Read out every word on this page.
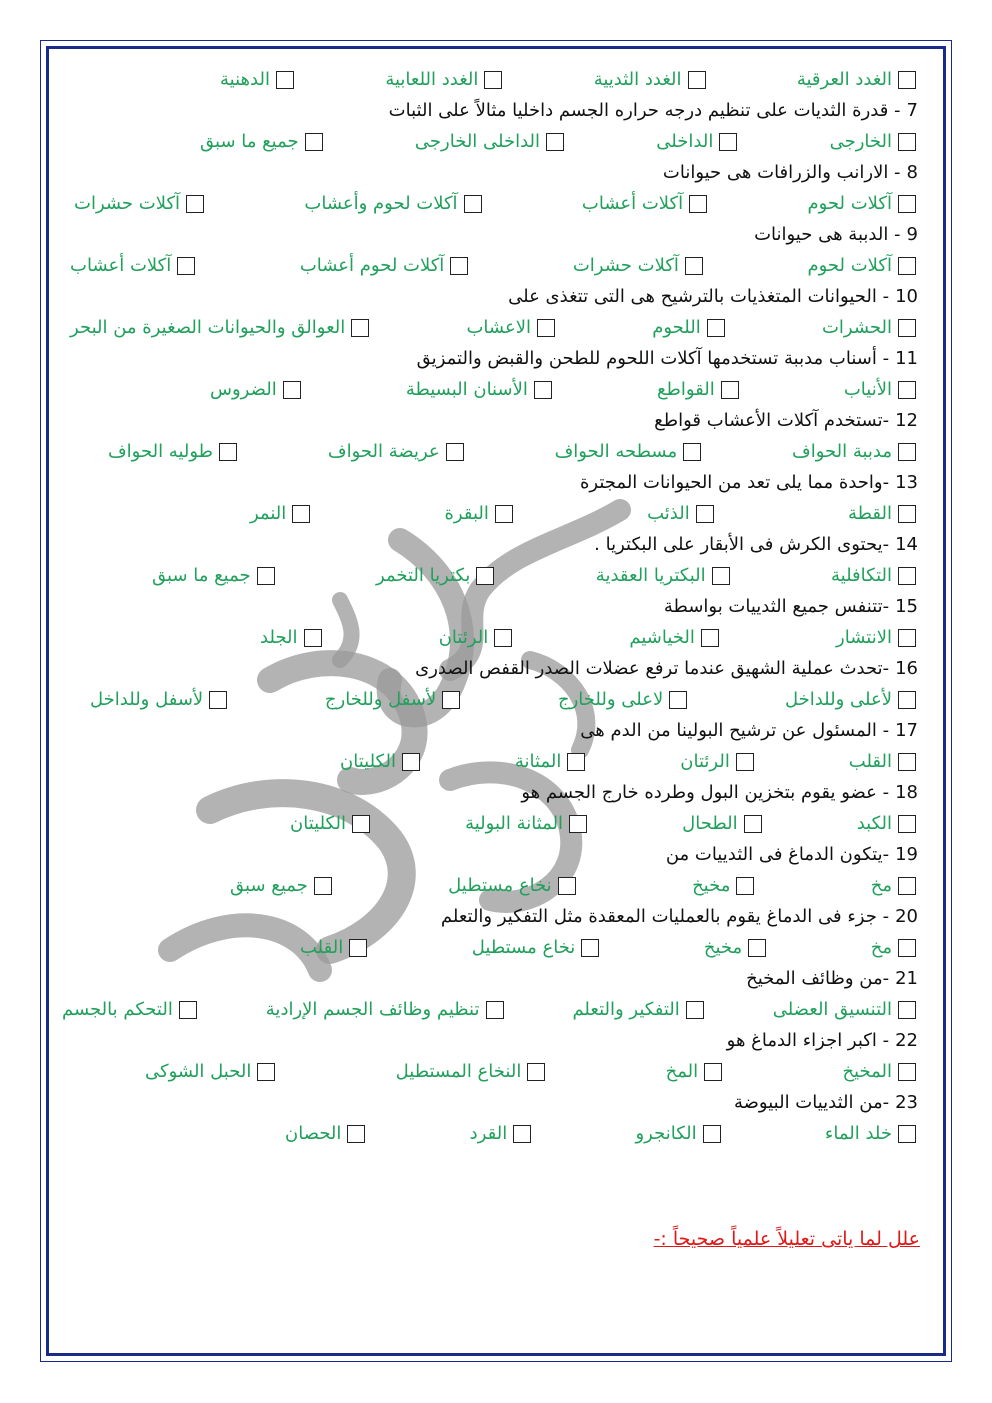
الغدد العرقية
الغدد الثديية
الغدد اللعابية
الدهنية
7- قدرة الثديات على تنظيم درجه حراره الجسم داخليا مثالاً على الثبات
الخارجى
الداخلى
الداخلى الخارجى
جميع ما سبق
8- الارانب والزرافات هى حيوانات
آكلات لحوم
آكلات أعشاب
آكلات لحوم وأعشاب
آكلات حشرات
9- الدببة هى حيوانات
آكلات لحوم
آكلات حشرات
آكلات لحوم أعشاب
آكلات أعشاب
10- الحيوانات المتغذيات بالترشيح هى التى تتغذى على
الحشرات
اللحوم
الاعشاب
العوالق والحيوانات الصغيرة من البحر
11- أسناب مدببة تستخدمها آكلات اللحوم للطحن والقبض والتمزيق
الأنياب
القواطع
الأسنان البسيطة
الضروس
12-تستخدم آكلات الأعشاب قواطع
مدببة الحواف
مسطحه الحواف
عريضة الحواف
طوليه الحواف
13-واحدة مما يلى تعد من الحيوانات المجترة
القطة
الذئب
البقرة
النمر
14-يحتوى الكرش فى الأبقار على البكتريا .
التكافلية
البكتريا العقدية
بكتريا التخمر
جميع ما سبق
15-تتنفس جميع الثدييات بواسطة
الانتشار
الخياشيم
الرئتان
الجلد
16-تحدث عملية الشهيق عندما ترفع عضلات الصدر القفص الصدرى
لأعلى وللداخل
لاعلى وللخارج
لأسفل وللخارج
لأسفل وللداخل
17- المسئول عن ترشيح البولينا من الدم هى
القلب
الرئتان
المثانة
الكليتان
18- عضو يقوم بتخزين البول وطرده خارج الجسم هو
الكبد
الطحال
المثانة البولية
الكليتان
19-يتكون الدماغ فى الثدييات من
مخ
مخيخ
نخاع مستطيل
جميع سبق
20- جزء فى الدماغ يقوم بالعمليات المعقدة مثل التفكير والتعلم
مخ
مخيخ
نخاع مستطيل
القلب
21-من وظائف المخيخ
التنسيق العضلى
التفكير والتعلم
تنظيم وظائف الجسم الإرادية
التحكم بالجسم
22- اكبر اجزاء الدماغ هو
المخيخ
المخ
النخاع المستطيل
الحبل الشوكى
23-من الثدييات البيوضة
خلد الماء
الكانجرو
القرد
الحصان
علل لما ياتى تعليلاً علمياً صحيحاً :-
